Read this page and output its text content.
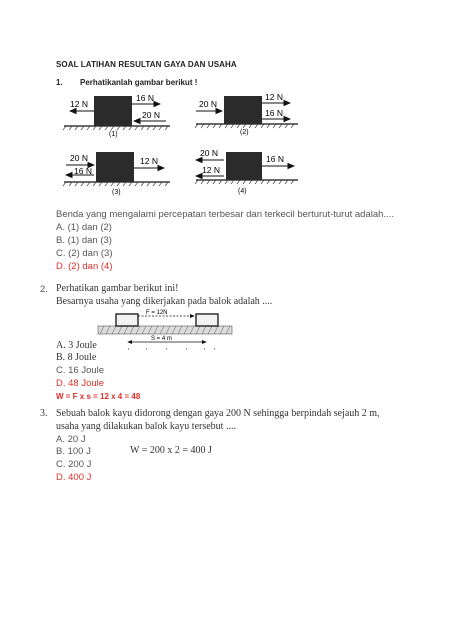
SOAL LATIHAN RESULTAN GAYA DAN USAHA
1. Perhatikanlah gambar berikut !
12 N
16 N
20 N
(1)
20 N
12 N
16 N
(2)
20 N
16 N
12 N
(3)
20 N
12 N
16 N
(4)
Benda yang mengalami percepatan terbesar dan terkecil berturut-turut adalah....
A. (1) dan (2)
B. (1) dan (3)
C. (2) dan (3)
D. (2) dan (4)
2. Perhatikan gambar berikut ini!
Besarnya usaha yang dikerjakan pada balok adalah ....
F = 12N
S = 4 m
A. 3 Joule
B. 8 Joule
C. 16 Joule
D. 48 Joule
W = F x s = 12 x 4 = 48
3. Sebuah balok kayu didorong dengan gaya 200 N sehingga berpindah sejauh 2 m,
usaha yang dilakukan balok kayu tersebut ....
A. 20 J
B. 100 J	W = 200 x 2 = 400 J
C. 200 J
D. 400 J
